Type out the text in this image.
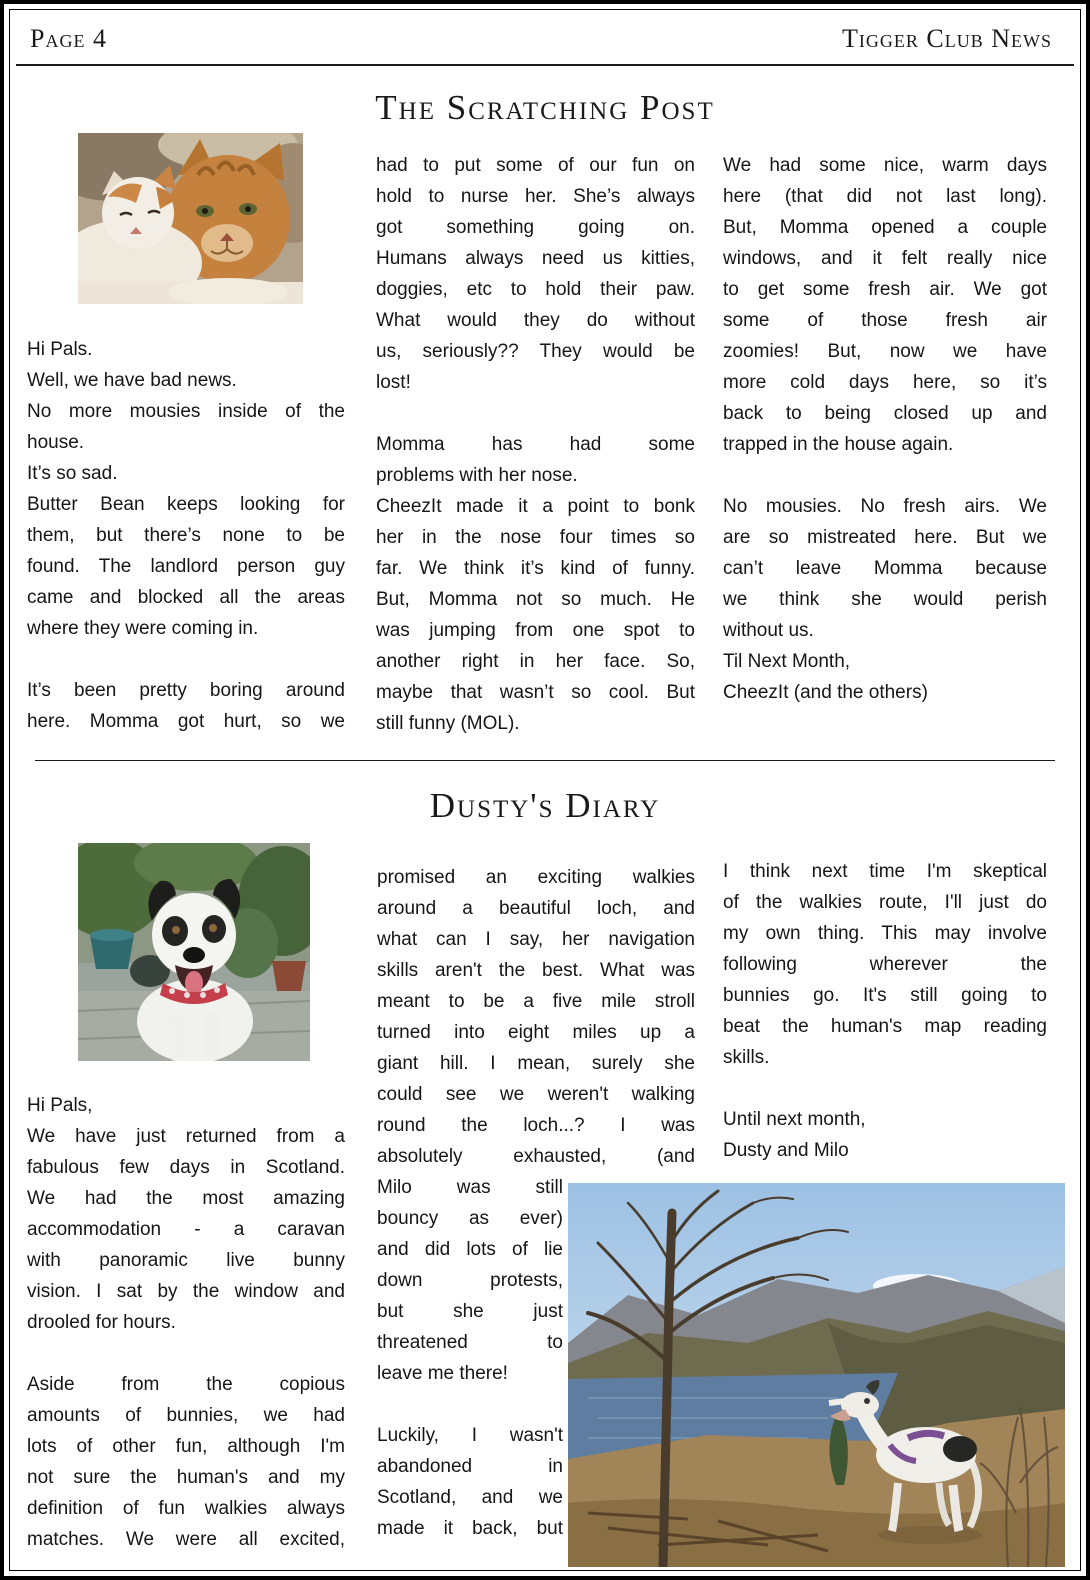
Page 4	Tigger Club News
The Scratching Post
Hi Pals.
Well, we have bad news.
No more mousies inside of the
house.
It’s so sad.
Butter Bean keeps looking for
them, but there’s none to be
found. The landlord person guy
came and blocked all the areas
where they were coming in.
It’s been pretty boring around
here. Momma got hurt, so we
had to put some of our fun on
hold to nurse her. She’s always
got something going on.
Humans always need us kitties,
doggies, etc to hold their paw.
What would they do without
us, seriously?? They would be
lost!
Momma has had some
problems with her nose.
CheezIt made it a point to bonk
her in the nose four times so
far. We think it’s kind of funny.
But, Momma not so much. He
was jumping from one spot to
another right in her face. So,
maybe that wasn’t so cool. But
still funny (MOL).
We had some nice, warm days
here (that did not last long).
But, Momma opened a couple
windows, and it felt really nice
to get some fresh air. We got
some of those fresh air
zoomies! But, now we have
more cold days here, so it’s
back to being closed up and
trapped in the house again.
No mousies. No fresh airs. We
are so mistreated here. But we
can’t leave Momma because
we think she would perish
without us.
Til Next Month,
CheezIt (and the others)
Dusty's Diary
Hi Pals,
We have just returned from a
fabulous few days in Scotland.
We had the most amazing
accommodation - a caravan
with panoramic live bunny
vision. I sat by the window and
drooled for hours.
Aside from the copious
amounts of bunnies, we had
lots of other fun, although I'm
not sure the human's and my
definition of fun walkies always
matches. We were all excited,
promised an exciting walkies
around a beautiful loch, and
what can I say, her navigation
skills aren't the best. What was
meant to be a five mile stroll
turned into eight miles up a
giant hill. I mean, surely she
could see we weren't walking
round the loch...? I was
absolutely exhausted, (and
Milo was still
bouncy as ever)
and did lots of lie
down protests,
but she just
threatened to
leave me there!
Luckily, I wasn't
abandoned in
Scotland, and we
made it back, but
I think next time I'm skeptical
of the walkies route, I'll just do
my own thing. This may involve
following wherever the
bunnies go. It's still going to
beat the human's map reading
skills.
Until next month,
Dusty and Milo
